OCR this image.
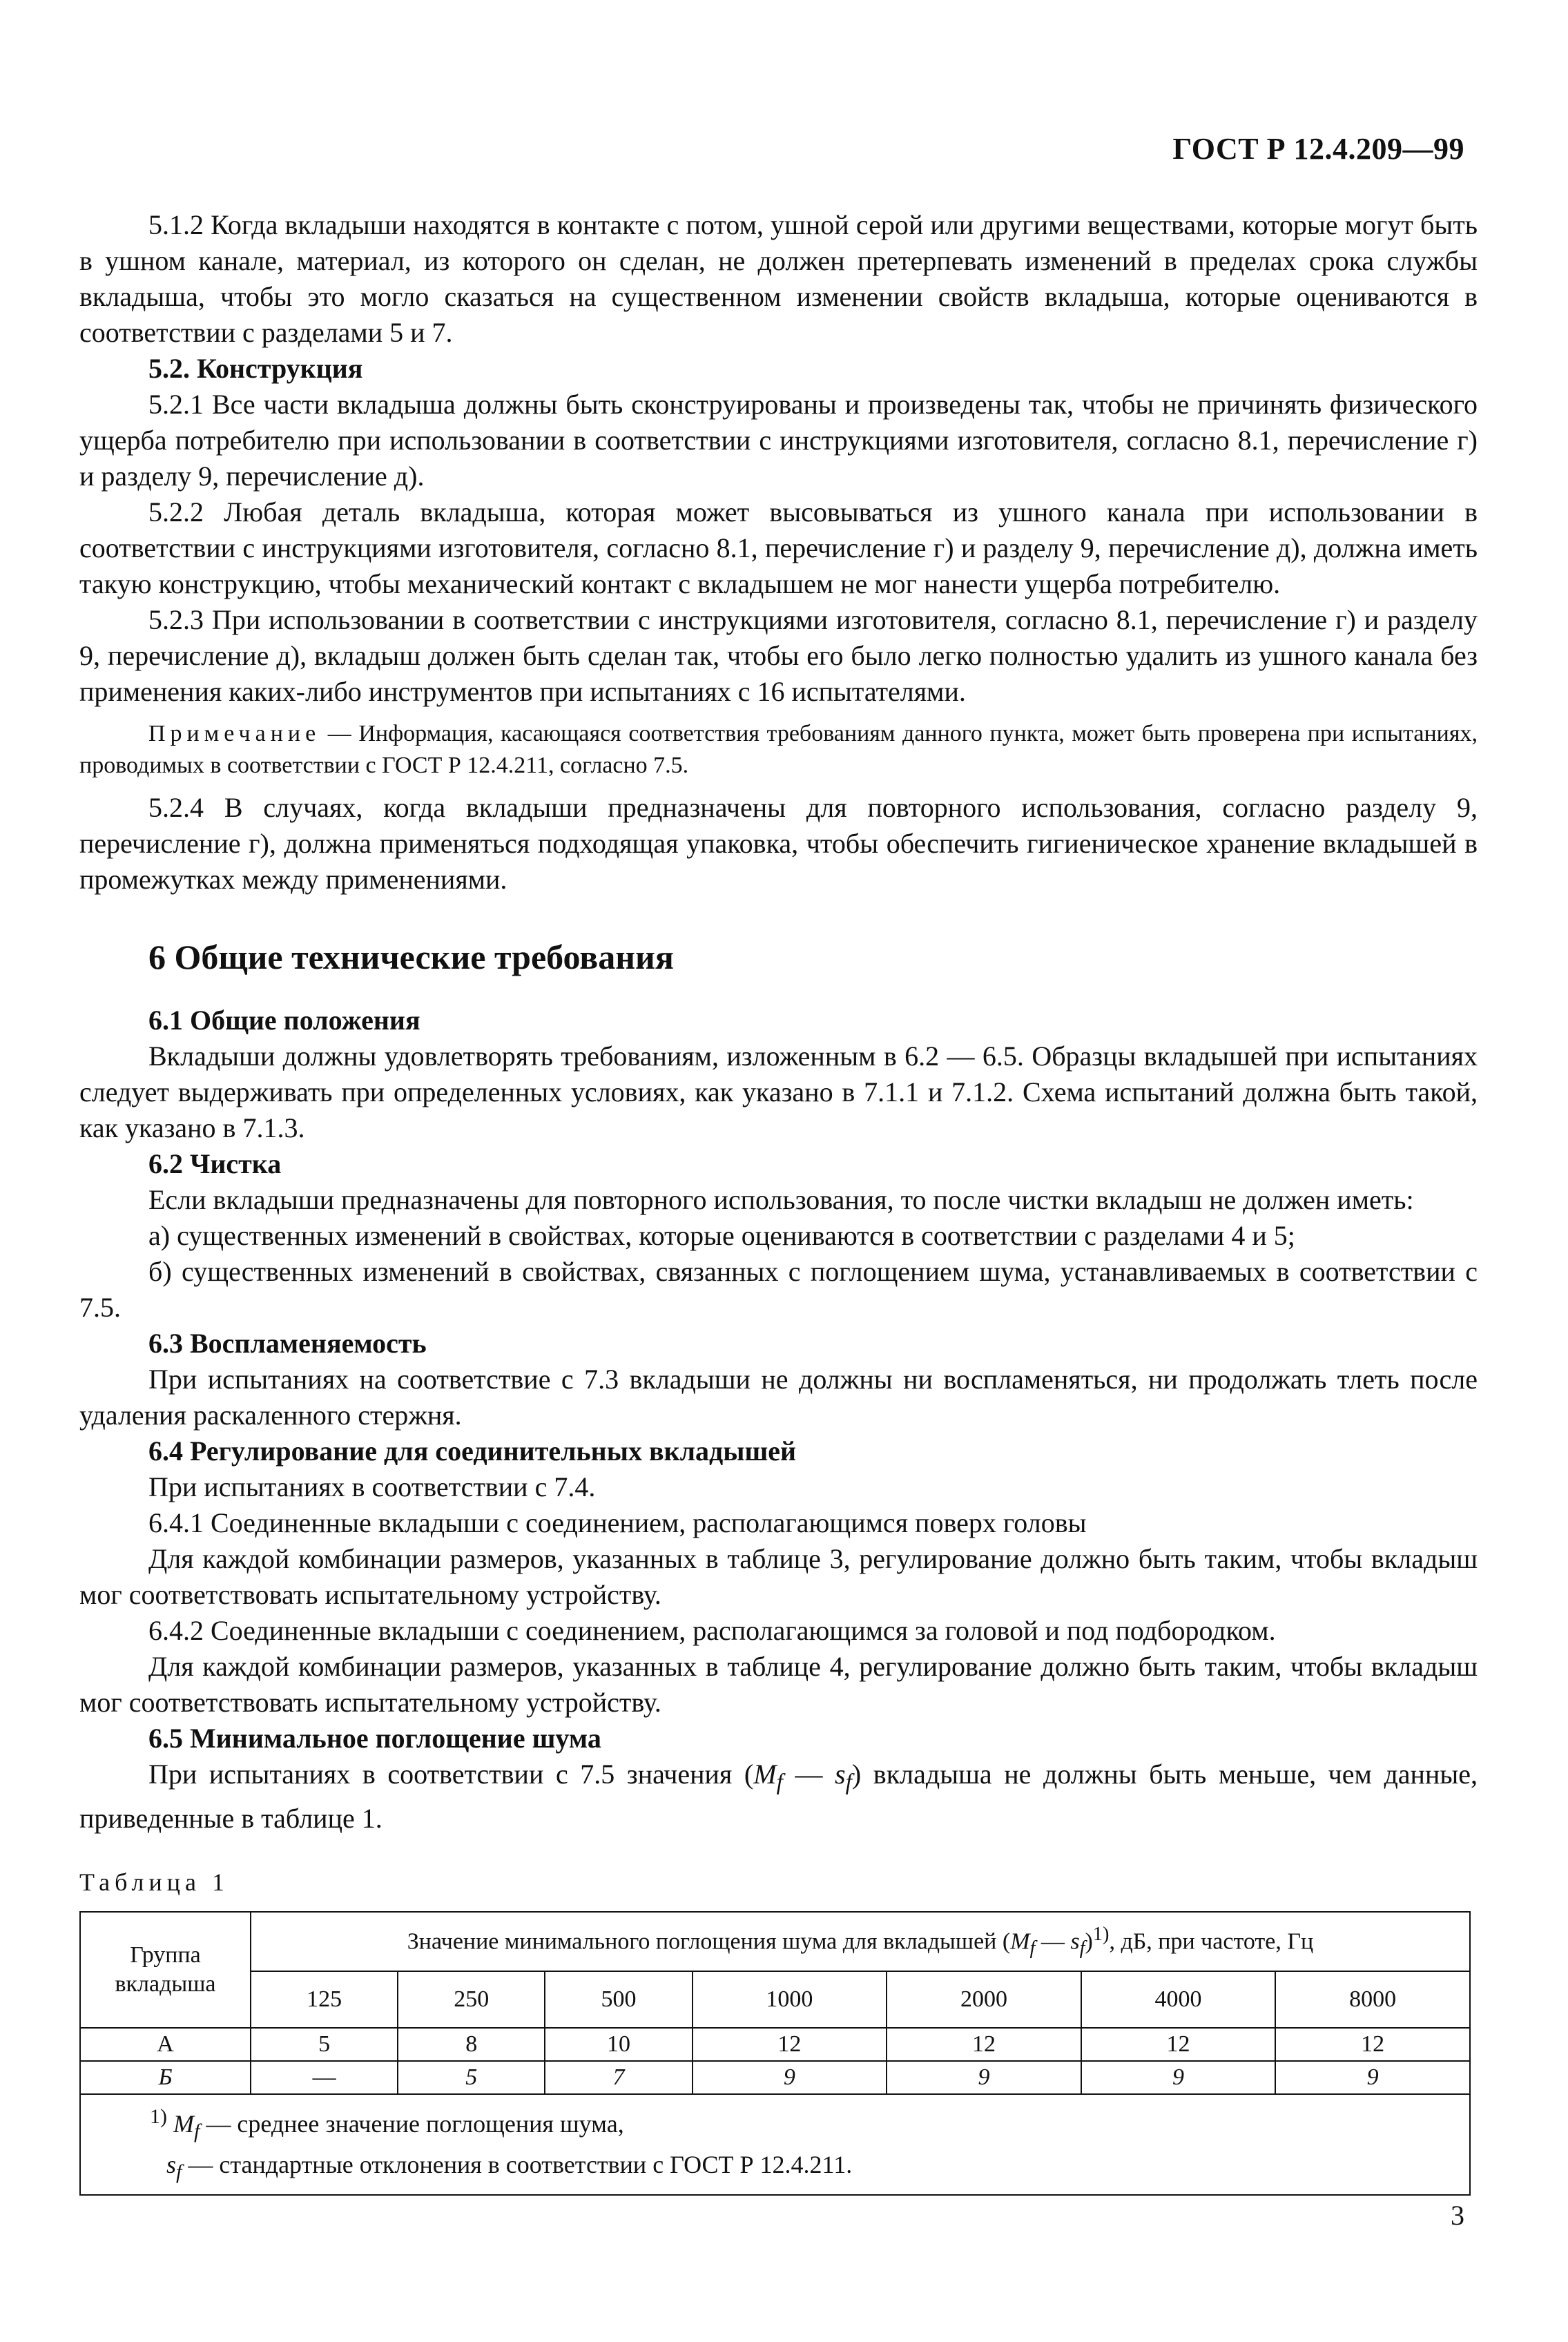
ГОСТ Р 12.4.209—99

5.1.2 Когда вкладыши находятся в контакте с потом, ушной серой или другими веществами, которые могут быть в ушном канале, материал, из которого он сделан, не должен претерпевать изменений в пределах срока службы вкладыша, чтобы это могло сказаться на существенном изменении свойств вкладыша, которые оцениваются в соответствии с разделами 5 и 7.

5.2. Конструкция

5.2.1 Все части вкладыша должны быть сконструированы и произведены так, чтобы не причинять физического ущерба потребителю при использовании в соответствии с инструкциями изготовителя, согласно 8.1, перечисление г) и разделу 9, перечисление д).

5.2.2 Любая деталь вкладыша, которая может высовываться из ушного канала при использовании в соответствии с инструкциями изготовителя, согласно 8.1, перечисление г) и разделу 9, перечисление д), должна иметь такую конструкцию, чтобы механический контакт с вкладышем не мог нанести ущерба потребителю.

5.2.3 При использовании в соответствии с инструкциями изготовителя, согласно 8.1, перечисление г) и разделу 9, перечисление д), вкладыш должен быть сделан так, чтобы его было легко полностью удалить из ушного канала без применения каких-либо инструментов при испытаниях с 16 испытателями.

Примечание — Информация, касающаяся соответствия требованиям данного пункта, может быть проверена при испытаниях, проводимых в соответствии с ГОСТ Р 12.4.211, согласно 7.5.

5.2.4 В случаях, когда вкладыши предназначены для повторного использования, согласно разделу 9, перечисление г), должна применяться подходящая упаковка, чтобы обеспечить гигиеническое хранение вкладышей в промежутках между применениями.

6 Общие технические требования

6.1 Общие положения

Вкладыши должны удовлетворять требованиям, изложенным в 6.2 — 6.5. Образцы вкладышей при испытаниях следует выдерживать при определенных условиях, как указано в 7.1.1 и 7.1.2. Схема испытаний должна быть такой, как указано в 7.1.3.

6.2 Чистка

Если вкладыши предназначены для повторного использования, то после чистки вкладыш не должен иметь:

а) существенных изменений в свойствах, которые оцениваются в соответствии с разделами 4 и 5;

б) существенных изменений в свойствах, связанных с поглощением шума, устанавливаемых в соответствии с 7.5.

6.3 Воспламеняемость

При испытаниях на соответствие с 7.3 вкладыши не должны ни воспламеняться, ни продолжать тлеть после удаления раскаленного стержня.

6.4 Регулирование для соединительных вкладышей

При испытаниях в соответствии с 7.4.

6.4.1 Соединенные вкладыши с соединением, располагающимся поверх головы

Для каждой комбинации размеров, указанных в таблице 3, регулирование должно быть таким, чтобы вкладыш мог соответствовать испытательному устройству.

6.4.2 Соединенные вкладыши с соединением, располагающимся за головой и под подбородком.

Для каждой комбинации размеров, указанных в таблице 4, регулирование должно быть таким, чтобы вкладыш мог соответствовать испытательному устройству.

6.5 Минимальное поглощение шума

При испытаниях в соответствии с 7.5 значения ($M_f$ — $s_f$) вкладыша не должны быть меньше, чем данные, приведенные в таблице 1.

Таблица 1

Группа вкладыша	Значение минимального поглощения шума для вкладышей ($M_f$ — $s_f)^{1)}$, дБ, при частоте, Гц						
	125	250	500	1000	2000	4000	8000
А	5	8	10	12	12	12	12
Б	—	5	7	9	9	9	9

$^{1)}$ $M_f$ — среднее значение поглощения шума,
$s_f$ — стандартные отклонения в соответствии с ГОСТ Р 12.4.211.							
3
